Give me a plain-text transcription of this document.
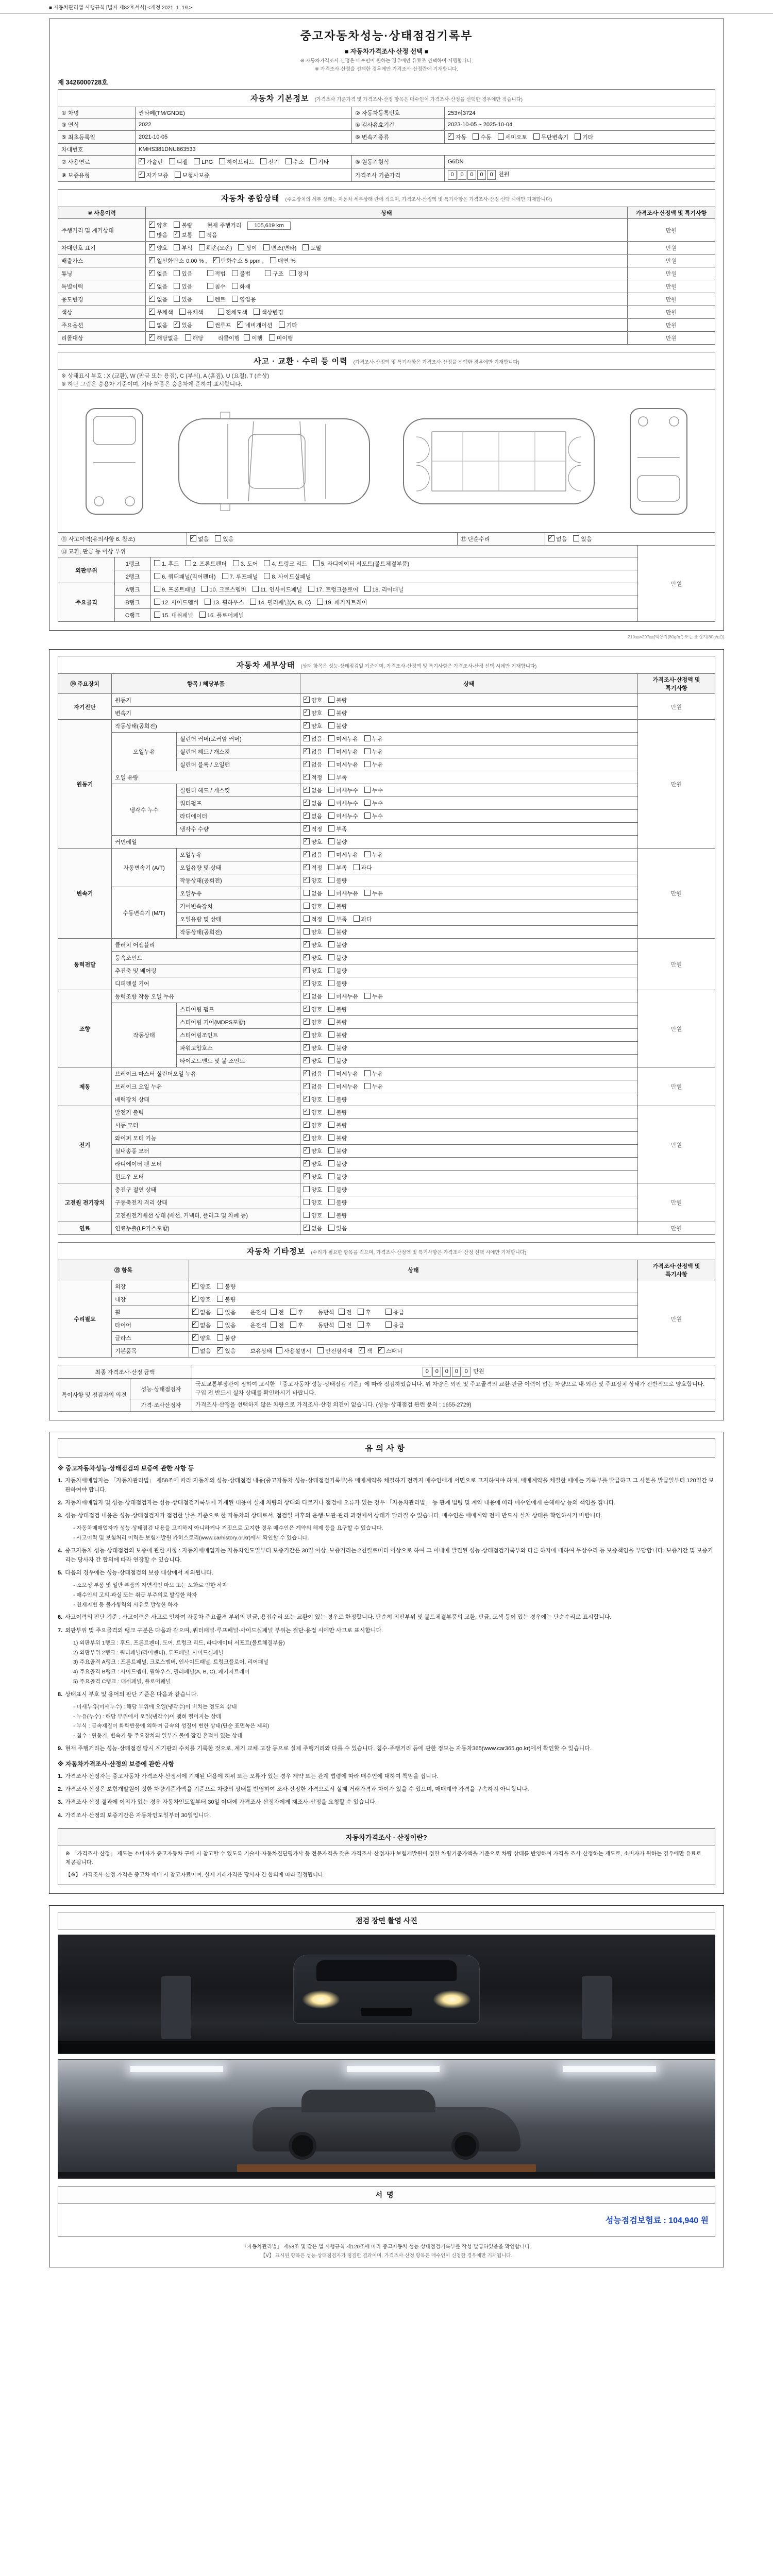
■ 자동차관리법 시행규칙 [별지 제82호서식] <개정 2021. 1. 19.>
중고자동차성능·상태점검기록부
■ 자동차가격조사·산정 선택 ■
※ 자동차가격조사·산정은 매수인이 원하는 경우에만 유료로 선택하여 시행합니다.
※ 가격조사·산정을 선택한 경우에만 가격조사·산정란에 기재합니다.
제 3426000728호
자동차 기본정보 (가격조사 기준가격 및 가격조사·산정 항목은 매수인이 가격조사·산정을 선택한 경우에만 적습니다)			
① 차명	싼타페(TM/GNDE)	② 자동차등록번호	253러3724
③ 연식	2022	④ 검사유효기간	2023-10-05 ~ 2025-10-04
⑤ 최초등록일	2021-10-05	⑥ 변속기종류	
✓자동 수동 세미오토 무단변속기 기타

차대번호	KMHS381DNU863533		
⑦ 사용연료	
✓가솔린 디젤 LPG 하이브리드 전기 수소 기타	⑧ 원동기형식	G6DN
⑨ 보증유형	
✓자가보증 보험사보증	가격조사 기준가격	0 0 0 0 0 천원
자동차 종합상태 (주요장치의 세부 상태는 자동차 세부상태 란에 적으며, 가격조사·산정액 및 특기사항은 가격조사·산정 선택 시에만 기재합니다)		
⑩ 사용이력	상태	가격조사·산정액 및 특기사항
주행거리 및 계기상태	
✓양호 불량 현재 주행거리 105,619 km
많음 ✓ 보통 적음	만원
차대번호 표기	
✓양호 부식 훼손(오손) 상이 변조(변타) 도말	만원
배출가스	
✓일산화탄소 0.00 % , ✓ 탄화수소 5 ppm , 매연 %	만원
튜닝	
✓없음 있음 적법 불법 구조 장치	만원
특별이력	
✓없음 있음 침수 화재	만원
용도변경	
✓없음 있음 렌트 영업용	만원
색상	
✓무채색 유채색 전체도색 색상변경	만원
주요옵션	없음 ✓ 있음 썬루프 ✓ 네비게이션 기타	만원
리콜대상	
✓해당없음 해당 리콜이행 이행 미이행	만원
사고 · 교환 · 수리 등 이력 (가격조사·산정액 및 특기사항은 가격조사·산정을 선택한 경우에만 기재합니다)

※ 상태표시 부호 : X (교환), W (판금 또는 용접), C (부식), A (흠집), U (요철), T (손상)
※ 하단 그림은 승용차 기준이며, 기타 차종은 승용차에 준하여 표시합니다.

⑪ 사고이력(유의사항 6. 참조)	
✓없음 있음	⑫ 단순수리	
✓없음 있음
⑬ 교환, 판금 등 이상 부위			만원
외판부위	1랭크	1. 후드 2. 프론트펜더 3. 도어 4. 트렁크 리드 5. 라디에이터 서포트(볼트체결부품)	

	2랭크	6. 쿼터패널(리어펜더) 7. 루프패널 8. 사이드실패널	

주요골격	A랭크	9. 프론트패널 10. 크로스멤버 11. 인사이드패널 17. 트렁크플로어 18. 리어패널	

	B랭크	12. 사이드멤버 13. 휠하우스 14. 필러패널(A, B, C) 19. 패키지트레이	

	C랭크	15. 대쉬패널 16. 플로어패널	
210㎜×297㎜[백상지(80g/㎡) 또는 중질지(80g/㎡)]
자동차 세부상태 (상태 항목은 성능·상태점검일 기준이며, 가격조사·산정액 및 특기사항은 가격조사·산정 선택 시에만 기재합니다)				
⑭ 주요장치	항목 / 해당부품		상태	가격조사·산정액 및 특기사항
자기진단	원동기	
✓양호 불량	만원
	변속기	
✓양호 불량

원동기	작동상태(공회전)	
✓양호 불량	만원
	오일누유	실린더 커버(로커암 커버)	
✓없음 미세누유 누유

		실린더 헤드 / 개스킷	
✓없음 미세누유 누유

		실린더 블록 / 오일팬	
✓없음 미세누유 누유

	오일 유량	
✓적정 부족

	냉각수 누수	실린더 헤드 / 개스킷	
✓없음 미세누수 누수

		워터펌프	
✓없음 미세누수 누수

		라디에이터	
✓없음 미세누수 누수

		냉각수 수량	
✓적정 부족

	커먼레일	
✓양호 불량

변속기	자동변속기 (A/T)	오일누유	
✓없음 미세누유 누유	만원
		오일유량 및 상태	
✓적정 부족 과다

		작동상태(공회전)	
✓양호 불량

	수동변속기 (M/T)	오일누유	없음 미세누유 누유	

		기어변속장치	양호 불량	

		오일유량 및 상태	적정 부족 과다	

		작동상태(공회전)	양호 불량	

동력전달	클러치 어셈블리	
✓양호 불량	만원
	등속조인트	
✓양호 불량

	추진축 및 베어링	
✓양호 불량

	디퍼렌셜 기어	
✓양호 불량

조향	동력조향 작동 오일 누유	
✓없음 미세누유 누유	만원
	작동상태	스티어링 펌프	
✓양호 불량

		스티어링 기어(MDPS포함)	
✓양호 불량

		스티어링조인트	
✓양호 불량

		파워고압호스	
✓양호 불량

		타이로드엔드 및 볼 조인트	
✓양호 불량

제동	브레이크 마스터 실린더오일 누유	
✓없음 미세누유 누유	만원
	브레이크 오일 누유	
✓없음 미세누유 누유

	배력장치 상태	
✓양호 불량

전기	발전기 출력	
✓양호 불량	만원
	시동 모터	
✓양호 불량

	와이퍼 모터 기능	
✓양호 불량

	실내송풍 모터	
✓양호 불량

	라디에이터 팬 모터	
✓양호 불량

	윈도우 모터	
✓양호 불량

고전원 전기장치	충전구 절연 상태		양호 불량	만원
	구동축전지 격리 상태		양호 불량	

	고전원전기배선 상태 (배선, 커넥터, 플러그 및 차폐 등)		양호 불량	

연료	연료누출(LP가스포함)	
✓없음 있음	만원
자동차 기타정보 (수리가 필요한 항목을 적으며, 가격조사·산정액 및 특기사항은 가격조사·산정 선택 시에만 기재합니다)			
⑮ 항목		상태	가격조사·산정액 및 특기사항
수리필요	외장	
✓양호 불량	만원
	내장	
✓양호 불량

	휠	
✓없음 있음 운전석 전 후 동반석 전 후 응급

	타이어	
✓없음 있음 운전석 전 후 동반석 전 후 응급

	글라스	
✓양호 불량

	기본품목	없음 ✓ 있음 보유상태 사용설명서 안전삼각대 ✓ 잭 ✓ 스패너
최종 가격조사·산정 금액	0 0 0 0 0 만원
특이사항 및 점검자의 의견	성능·상태점검자	국토교통부장관이 정하여 고시한 「중고자동차 성능·상태점검 기준」에 따라 점검하였습니다. 위 차량은 외판 및 주요골격의 교환·판금 이력이 없는 차량으로 내·외관 및 주요장치 상태가 전반적으로 양호합니다. 구입 전 반드시 실차 상태를 확인하시기 바랍니다.
	가격·조사산정자	가격조사·산정을 선택하지 않은 차량으로 가격조사·산정 의견이 없습니다. (성능·상태점검 관련 문의 : 1655-2729)
유의사항
※ 중고자동차성능·상태점검의 보증에 관한 사항 등
1. 자동차매매업자는 「자동차관리법」 제58조에 따라 자동차의 성능·상태점검 내용(중고자동차 성능·상태점검기록부)을 매매계약을 체결하기 전까지 매수인에게 서면으로 고지하여야 하며, 매매계약을 체결한 때에는 기록부를 발급하고 그 사본을 발급일부터 120일간 보관하여야 합니다.
2. 자동차매매업자 및 성능·상태점검자는 성능·상태점검기록부에 기재된 내용이 실제 차량의 상태와 다르거나 점검에 오류가 있는 경우 「자동차관리법」 등 관계 법령 및 계약 내용에 따라 매수인에게 손해배상 등의 책임을 집니다.
3. 성능·상태점검 내용은 성능·상태점검자가 점검한 날을 기준으로 한 자동차의 상태로서, 점검일 이후의 운행·보관·관리 과정에서 상태가 달라질 수 있습니다. 매수인은 매매계약 전에 반드시 실차 상태를 확인하시기 바랍니다.
- 자동차매매업자가 성능·상태점검 내용을 고지하지 아니하거나 거짓으로 고지한 경우 매수인은 계약의 해제 등을 요구할 수 있습니다.
- 사고이력 및 보험처리 이력은 보험개발원 카히스토리(www.carhistory.or.kr)에서 확인할 수 있습니다.
4. 중고자동차 성능·상태점검의 보증에 관한 사항 : 자동차매매업자는 자동차인도일부터 보증기간은 30일 이상, 보증거리는 2천킬로미터 이상으로 하여 그 이내에 발견된 성능·상태점검기록부와 다른 하자에 대하여 무상수리 등 보증책임을 부담합니다. 보증기간 및 보증거리는 당사자 간 합의에 따라 연장할 수 있습니다.
5. 다음의 경우에는 성능·상태점검의 보증 대상에서 제외됩니다.
- 소모성 부품 및 일반 부품의 자연적인 마모 또는 노화로 인한 하자
- 매수인의 고의·과실 또는 취급 부주의로 발생한 하자
- 천재지변 등 불가항력의 사유로 발생한 하자
6. 사고이력의 판단 기준 : 사고이력은 사고로 인하여 자동차 주요골격 부위의 판금, 용접수리 또는 교환이 있는 경우로 한정합니다. 단순히 외판부위 및 볼트체결부품의 교환, 판금, 도색 등이 있는 경우에는 단순수리로 표시합니다.
7. 외판부위 및 주요골격의 랭크 구분은 다음과 같으며, 쿼터패널·루프패널·사이드실패널 부위는 절단·용접 시에만 사고로 표시합니다.
1) 외판부위 1랭크 : 후드, 프론트펜더, 도어, 트렁크 리드, 라디에이터 서포트(볼트체결부품)
2) 외판부위 2랭크 : 쿼터패널(리어펜더), 루프패널, 사이드실패널
3) 주요골격 A랭크 : 프론트패널, 크로스멤버, 인사이드패널, 트렁크플로어, 리어패널
4) 주요골격 B랭크 : 사이드멤버, 휠하우스, 필러패널(A, B, C), 패키지트레이
5) 주요골격 C랭크 : 대쉬패널, 플로어패널
8. 상태표시 부호 및 용어의 판단 기준은 다음과 같습니다.
- 미세누유(미세누수) : 해당 부위에 오일(냉각수)이 비치는 정도의 상태
- 누유(누수) : 해당 부위에서 오일(냉각수)이 맺혀 떨어지는 상태
- 부식 : 금속재질이 화학반응에 의하여 금속의 성질이 변한 상태(단순 표면녹은 제외)
- 침수 : 원동기, 변속기 등 주요장치의 일부가 물에 잠긴 흔적이 있는 상태
9. 현재 주행거리는 성능·상태점검 당시 계기판의 수치를 기록한 것으로, 계기 교체·고장 등으로 실제 주행거리와 다를 수 있습니다. 침수·주행거리 등에 관한 정보는 자동차365(www.car365.go.kr)에서 확인할 수 있습니다.
※ 자동차가격조사·산정의 보증에 관한 사항
1. 가격조사·산정자는 중고자동차 가격조사·산정서에 기재된 내용에 허위 또는 오류가 있는 경우 계약 또는 관계 법령에 따라 매수인에 대하여 책임을 집니다.
2. 가격조사·산정은 보험개발원이 정한 차량기준가액을 기준으로 차량의 상태를 반영하여 조사·산정한 가격으로서 실제 거래가격과 차이가 있을 수 있으며, 매매계약 가격을 구속하지 아니합니다.
3. 가격조사·산정 결과에 이의가 있는 경우 자동차인도일부터 30일 이내에 가격조사·산정자에게 재조사·산정을 요청할 수 있습니다.
4. 가격조사·산정의 보증기간은 자동차인도일부터 30일입니다.
자동차가격조사 · 산정이란?
※ 「가격조사·산정」 제도는 소비자가 중고자동차 구매 시 참고할 수 있도록 기술사·자동차진단평가사 등 전문자격을 갖춘 가격조사·산정자가 보험개발원이 정한 차량기준가액을 기준으로 차량 상태를 반영하여 가격을 조사·산정하는 제도로, 소비자가 원하는 경우에만 유료로 제공됩니다.
【※】 가격조사·산정 가격은 중고차 매매 시 참고자료이며, 실제 거래가격은 당사자 간 합의에 따라 결정됩니다.
점검 장면 촬영 사진
서명
성능점검보험료 : 104,940 원
「자동차관리법」 제58조 및 같은 법 시행규칙 제120조에 따라 중고자동차 성능·상태점검기록부를 작성·발급하였음을 확인합니다.
【Ⅴ】 표시된 항목은 성능·상태점검자가 점검한 결과이며, 가격조사·산정 항목은 매수인이 신청한 경우에만 기재됩니다.
